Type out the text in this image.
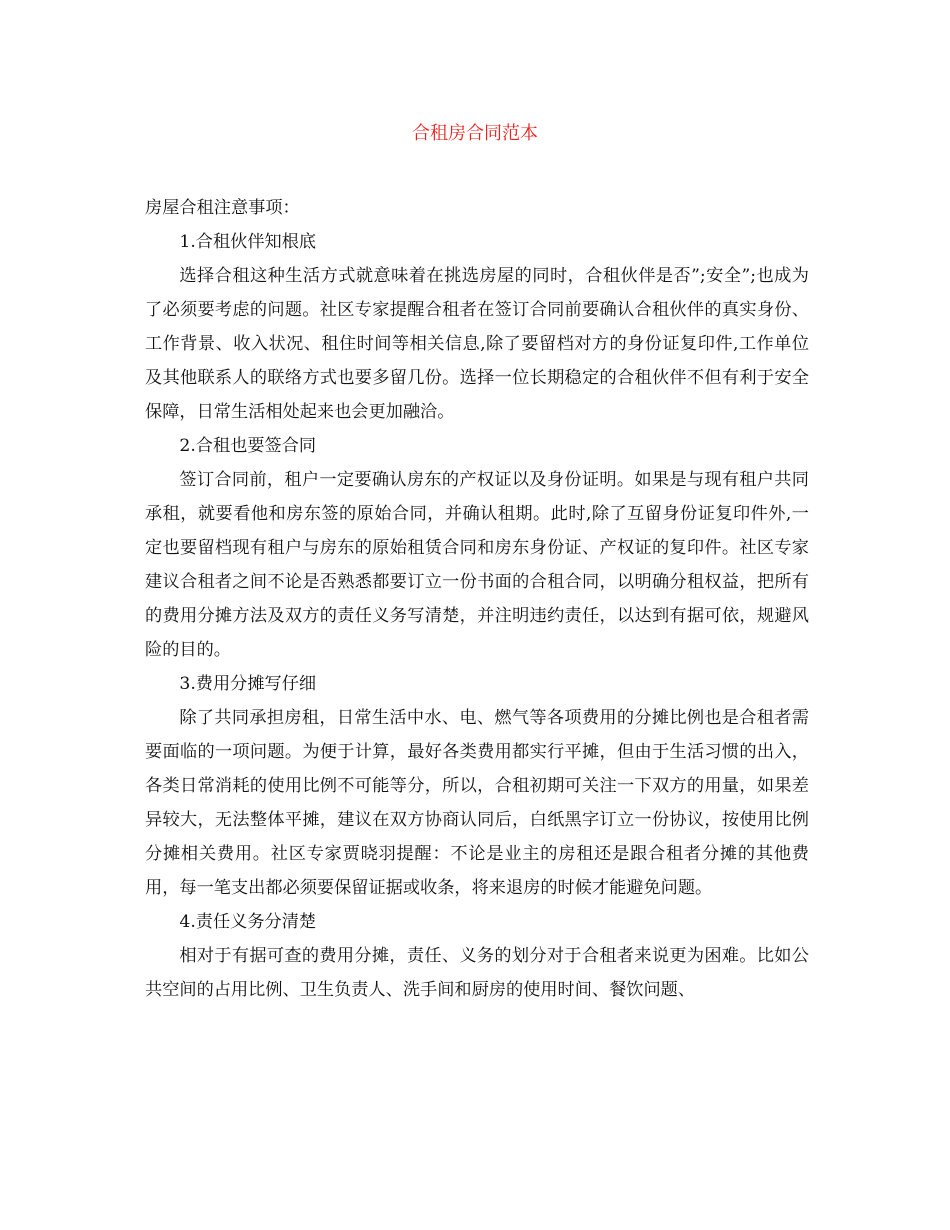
合租房合同范本

房屋合租注意事项：

1.合租伙伴知根底

选择合租这种生活方式就意味着在挑选房屋的同时，合租伙伴是否”;安全”;也成为了必须要考虑的问题。社区专家提醒合租者在签订合同前要确认合租伙伴的真实身份、工作背景、收入状况、租住时间等相关信息,除了要留档对方的身份证复印件,工作单位及其他联系人的联络方式也要多留几份。选择一位长期稳定的合租伙伴不但有利于安全保障，日常生活相处起来也会更加融洽。

2.合租也要签合同

签订合同前，租户一定要确认房东的产权证以及身份证明。如果是与现有租户共同承租，就要看他和房东签的原始合同，并确认租期。此时,除了互留身份证复印件外,一定也要留档现有租户与房东的原始租赁合同和房东身份证、产权证的复印件。社区专家建议合租者之间不论是否熟悉都要订立一份书面的合租合同，以明确分租权益，把所有的费用分摊方法及双方的责任义务写清楚，并注明违约责任，以达到有据可依，规避风险的目的。

3.费用分摊写仔细

除了共同承担房租，日常生活中水、电、燃气等各项费用的分摊比例也是合租者需要面临的一项问题。为便于计算，最好各类费用都实行平摊，但由于生活习惯的出入，各类日常消耗的使用比例不可能等分，所以，合租初期可关注一下双方的用量，如果差异较大，无法整体平摊，建议在双方协商认同后，白纸黑字订立一份协议，按使用比例分摊相关费用。社区专家贾晓羽提醒：不论是业主的房租还是跟合租者分摊的其他费用，每一笔支出都必须要保留证据或收条，将来退房的时候才能避免问题。

4.责任义务分清楚

相对于有据可查的费用分摊，责任、义务的划分对于合租者来说更为困难。比如公共空间的占用比例、卫生负责人、洗手间和厨房的使用时间、餐饮问题、
